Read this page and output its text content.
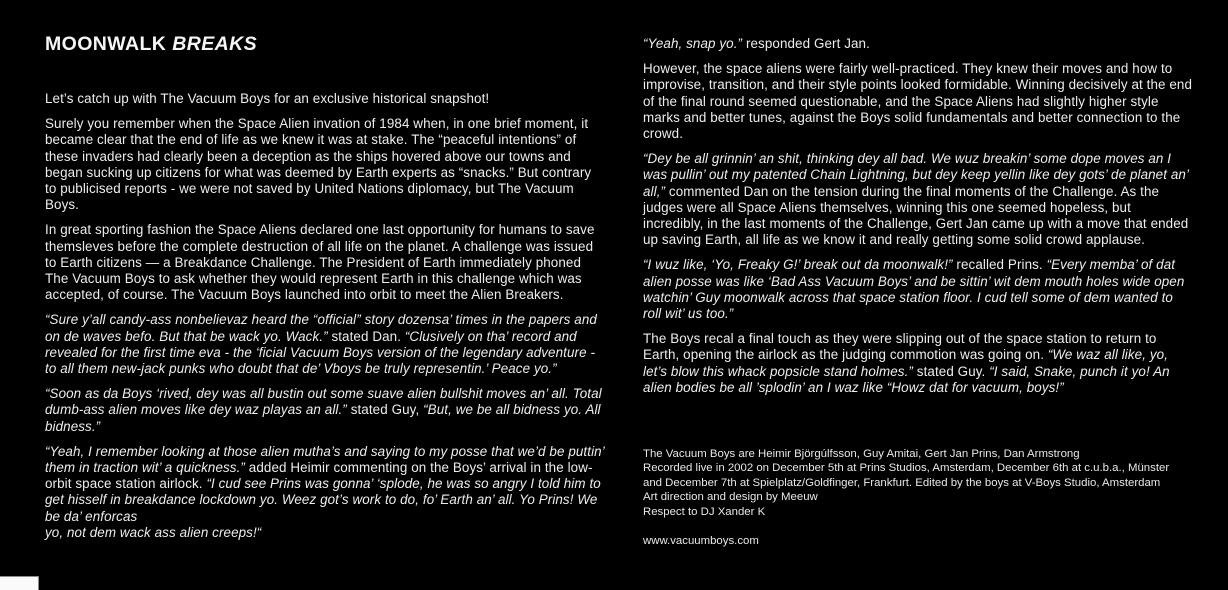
MOONWALK BREAKS

Let’s catch up with The Vacuum Boys for an exclusive historical snapshot!

Surely you remember when the Space Alien invation of 1984 when, in one brief moment, it became clear that the end of life as we knew it was at stake. The “peaceful intentions” of these invaders had clearly been a deception as the ships hovered above our towns and began sucking up citizens for what was deemed by Earth experts as “snacks.” But contrary to publicised reports - we were not saved by United Nations diplomacy, but The Vacuum Boys.

In great sporting fashion the Space Aliens declared one last opportunity for humans to save themsleves before the complete destruction of all life on the planet. A challenge was issued to Earth citizens — a Breakdance Challenge. The President of Earth immediately phoned The Vacuum Boys to ask whether they would represent Earth in this challenge which was accepted, of course. The Vacuum Boys launched into orbit to meet the Alien Breakers.

“Sure y’all candy-ass nonbelievaz heard the “official” story dozensa’ times in the papers and on de waves befo. But that be wack yo. Wack.” stated Dan. “Clusively on tha’ record and revealed for the first time eva - the ‘ficial Vacuum Boys version of the legendary adventure - to all them new-jack punks who doubt that de’ Vboys be truly representin.’ Peace yo.”

“Soon as da Boys ‘rived, dey was all bustin out some suave alien bullshit moves an’ all. Total dumb-ass alien moves like dey waz playas an all.” stated Guy, “But, we be all bidness yo. All bidness.”

“Yeah, I remember looking at those alien mutha’s and saying to my posse that we’d be puttin’ them in traction wit’ a quickness.” added Heimir commenting on the Boys’ arrival in the low-orbit space station airlock. “I cud see Prins was gonna’ ‘splode, he was so angry I told him to get hisself in breakdance lockdown yo. Weez got’s work to do, fo’ Earth an’ all. Yo Prins! We be da’ enforcas
yo, not dem wack ass alien creeps!“

“Yeah, snap yo.” responded Gert Jan.

However, the space aliens were fairly well-practiced. They knew their moves and how to improvise, transition, and their style points looked formidable. Winning decisively at the end of the final round seemed questionable, and the Space Aliens had slightly higher style marks and better tunes, against the Boys solid fundamentals and better connection to the crowd.

“Dey be all grinnin’ an shit, thinking dey all bad. We wuz breakin’ some dope moves an I was pullin’ out my patented Chain Lightning, but dey keep yellin like dey gots’ de planet an’ all,” commented Dan on the tension during the final moments of the Challenge. As the judges were all Space Aliens themselves, winning this one seemed hopeless, but incredibly, in the last moments of the Challenge, Gert Jan came up with a move that ended up saving Earth, all life as we know it and really getting some solid crowd applause.

“I wuz like, ‘Yo, Freaky G!’ break out da moonwalk!” recalled Prins. “Every memba’ of dat alien posse was like ‘Bad Ass Vacuum Boys’ and be sittin’ wit dem mouth holes wide open watchin’ Guy moonwalk across that space station floor. I cud tell some of dem wanted to roll wit’ us too.”

The Boys recal a final touch as they were slipping out of the space station to return to Earth, opening the airlock as the judging commotion was going on. “We waz all like, yo, let’s blow this whack popsicle stand holmes.” stated Guy. “I said, Snake, punch it yo! An alien bodies be all ’splodin’ an I waz like “Howz dat for vacuum, boys!”

The Vacuum Boys are Heimir Björgúlfsson, Guy Amitai, Gert Jan Prins, Dan Armstrong
Recorded live in 2002 on December 5th at Prins Studios, Amsterdam, December 6th at c.u.b.a., Münster
and December 7th at Spielplatz/Goldfinger, Frankfurt. Edited by the boys at V-Boys Studio, Amsterdam
Art direction and design by Meeuw
Respect to DJ Xander K
www.vacuumboys.com
